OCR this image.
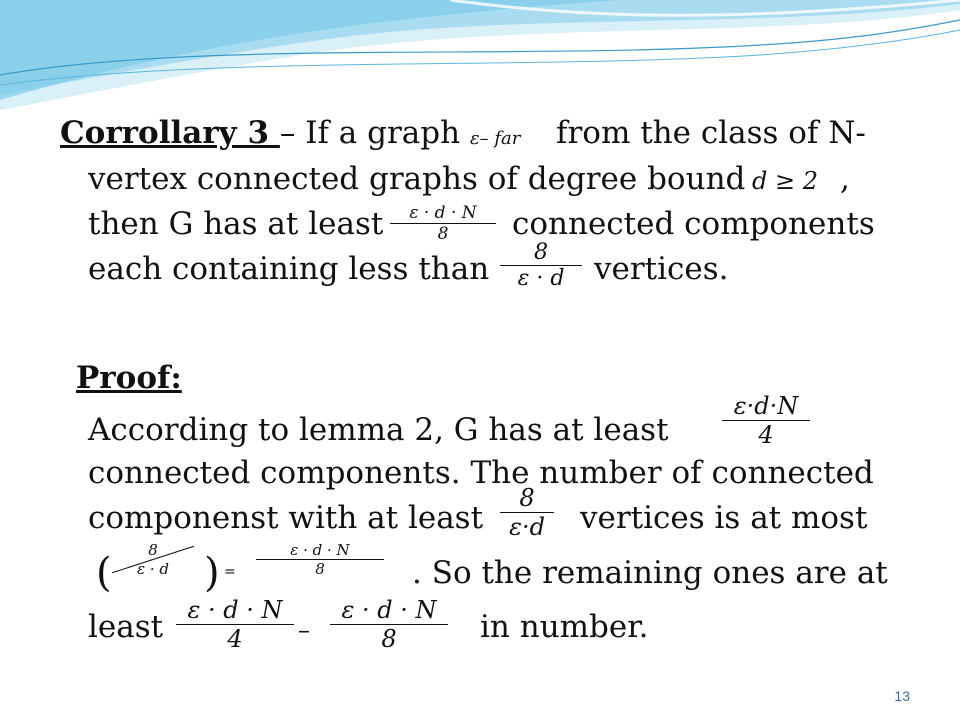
Corrollary 3 – If a graph ε– far from the class of N-
vertex connected graphs of degree bound d ≥ 2 ,
then G has at least ε · d · N
8 connected components
each containing less than 8
ε · d vertices.
Proof:
According to lemma 2, G has at least
ε·d·N
4
connected components. The number of connected
componenst with at least
8
ε·d vertices is at most
( 8
ε · d ) =
ε · d · N
8	. So the remaining ones are at
least ε · d · N
4 –
ε · d · N
8	in number.
13
